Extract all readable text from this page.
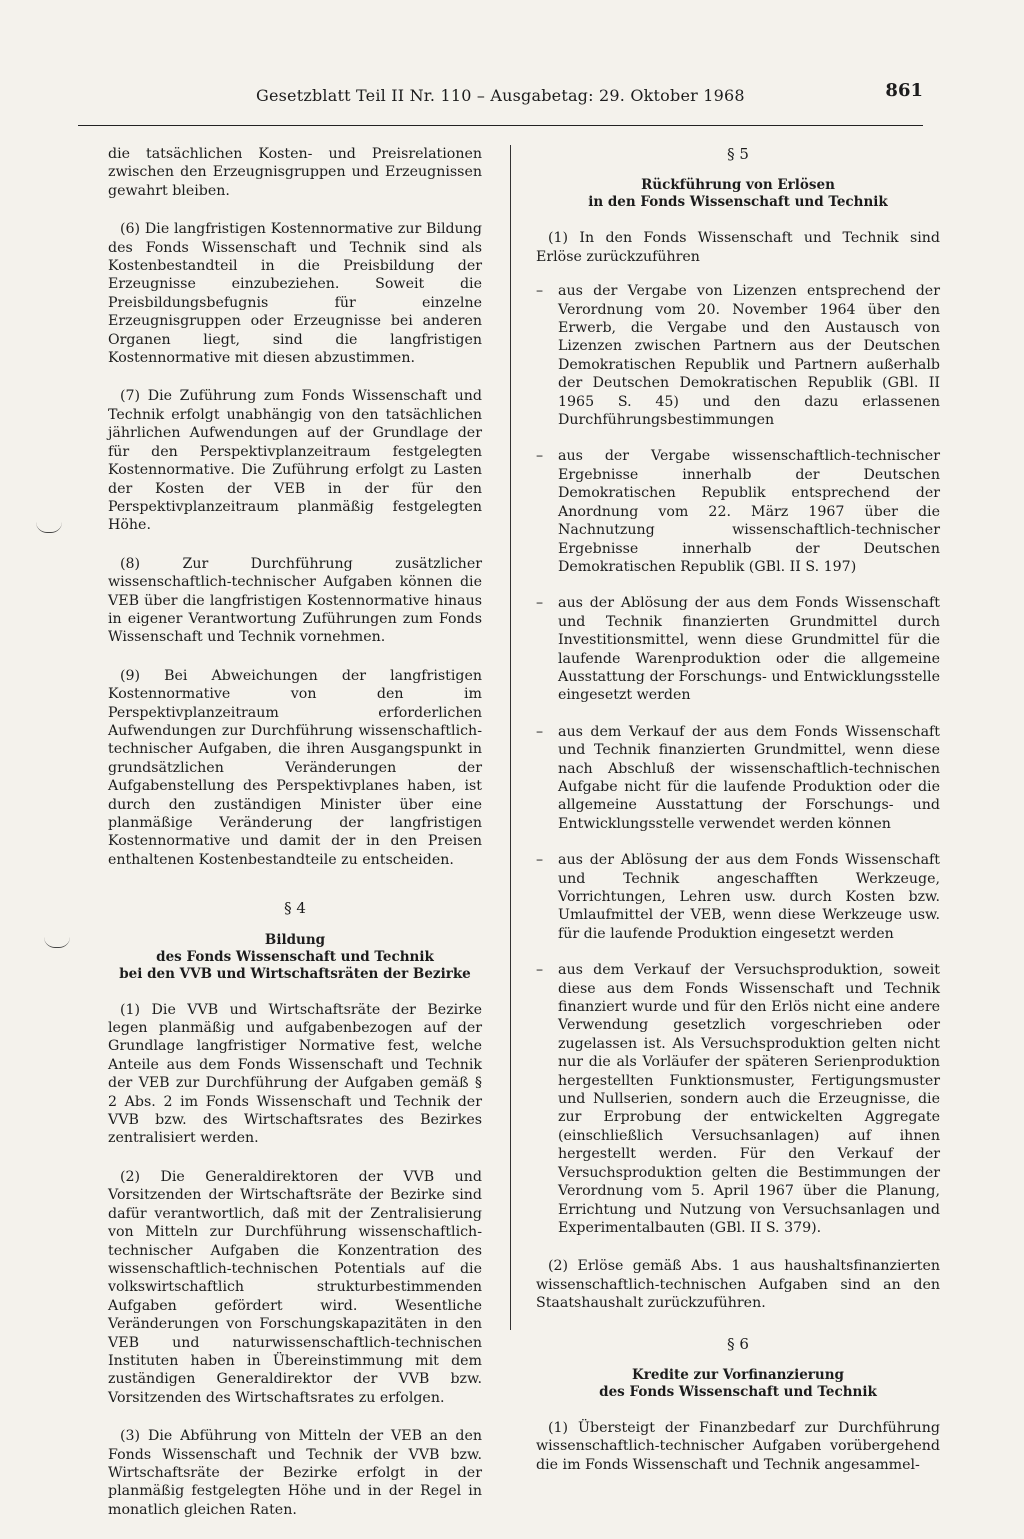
Gesetzblatt Teil II Nr. 110 – Ausgabetag: 29. Oktober 1968	861

die tatsächlichen Kosten- und Preisrelationen zwischen den Erzeugnisgruppen und Erzeugnissen gewahrt bleiben.

(6) Die langfristigen Kostennormative zur Bildung des Fonds Wissenschaft und Technik sind als Kostenbestandteil in die Preisbildung der Erzeugnisse einzubeziehen. Soweit die Preisbildungsbefugnis für einzelne Erzeugnisgruppen oder Erzeugnisse bei anderen Organen liegt, sind die langfristigen Kostennormative mit diesen abzustimmen.

(7) Die Zuführung zum Fonds Wissenschaft und Technik erfolgt unabhängig von den tatsächlichen jährlichen Aufwendungen auf der Grundlage der für den Perspektivplanzeitraum festgelegten Kostennormative. Die Zuführung erfolgt zu Lasten der Kosten der VEB in der für den Perspektivplanzeitraum planmäßig festgelegten Höhe.

(8) Zur Durchführung zusätzlicher wissenschaftlich-technischer Aufgaben können die VEB über die langfristigen Kostennormative hinaus in eigener Verantwortung Zuführungen zum Fonds Wissenschaft und Technik vornehmen.

(9) Bei Abweichungen der langfristigen Kostennormative von den im Perspektivplanzeitraum erforderlichen Aufwendungen zur Durchführung wissenschaftlich-technischer Aufgaben, die ihren Ausgangspunkt in grundsätzlichen Veränderungen der Aufgabenstellung des Perspektivplanes haben, ist durch den zuständigen Minister über eine planmäßige Veränderung der langfristigen Kostennormative und damit der in den Preisen enthaltenen Kostenbestandteile zu entscheiden.

§ 4
Bildung
des Fonds Wissenschaft und Technik
bei den VVB und Wirtschaftsräten der Bezirke

(1) Die VVB und Wirtschaftsräte der Bezirke legen planmäßig und aufgabenbezogen auf der Grundlage langfristiger Normative fest, welche Anteile aus dem Fonds Wissenschaft und Technik der VEB zur Durchführung der Aufgaben gemäß § 2 Abs. 2 im Fonds Wissenschaft und Technik der VVB bzw. des Wirtschaftsrates des Bezirkes zentralisiert werden.

(2) Die Generaldirektoren der VVB und Vorsitzenden der Wirtschaftsräte der Bezirke sind dafür verantwortlich, daß mit der Zentralisierung von Mitteln zur Durchführung wissenschaftlich-technischer Aufgaben die Konzentration des wissenschaftlich-technischen Potentials auf die volkswirtschaftlich strukturbestimmenden Aufgaben gefördert wird. Wesentliche Veränderungen von Forschungskapazitäten in den VEB und naturwissenschaftlich-technischen Instituten haben in Übereinstimmung mit dem zuständigen Generaldirektor der VVB bzw. Vorsitzenden des Wirtschaftsrates zu erfolgen.

(3) Die Abführung von Mitteln der VEB an den Fonds Wissenschaft und Technik der VVB bzw. Wirtschaftsräte der Bezirke erfolgt in der planmäßig festgelegten Höhe und in der Regel in monatlich gleichen Raten.

§ 5
Rückführung von Erlösen
in den Fonds Wissenschaft und Technik

(1) In den Fonds Wissenschaft und Technik sind Erlöse zurückzuführen

– aus der Vergabe von Lizenzen entsprechend der Verordnung vom 20. November 1964 über den Erwerb, die Vergabe und den Austausch von Lizenzen zwischen Partnern aus der Deutschen Demokratischen Republik und Partnern außerhalb der Deutschen Demokratischen Republik (GBl. II 1965 S. 45) und den dazu erlassenen Durchführungsbestimmungen
– aus der Vergabe wissenschaftlich-technischer Ergebnisse innerhalb der Deutschen Demokratischen Republik entsprechend der Anordnung vom 22. März 1967 über die Nachnutzung wissenschaftlich-technischer Ergebnisse innerhalb der Deutschen Demokratischen Republik (GBl. II S. 197)
– aus der Ablösung der aus dem Fonds Wissenschaft und Technik finanzierten Grundmittel durch Investitionsmittel, wenn diese Grundmittel für die laufende Warenproduktion oder die allgemeine Ausstattung der Forschungs- und Entwicklungsstelle eingesetzt werden
– aus dem Verkauf der aus dem Fonds Wissenschaft und Technik finanzierten Grundmittel, wenn diese nach Abschluß der wissenschaftlich-technischen Aufgabe nicht für die laufende Produktion oder die allgemeine Ausstattung der Forschungs- und Entwicklungsstelle verwendet werden können
– aus der Ablösung der aus dem Fonds Wissenschaft und Technik angeschafften Werkzeuge, Vorrichtungen, Lehren usw. durch Kosten bzw. Umlaufmittel der VEB, wenn diese Werkzeuge usw. für die laufende Produktion eingesetzt werden
– aus dem Verkauf der Versuchsproduktion, soweit diese aus dem Fonds Wissenschaft und Technik finanziert wurde und für den Erlös nicht eine andere Verwendung gesetzlich vorgeschrieben oder zugelassen ist. Als Versuchsproduktion gelten nicht nur die als Vorläufer der späteren Serienproduktion hergestellten Funktionsmuster, Fertigungsmuster und Nullserien, sondern auch die Erzeugnisse, die zur Erprobung der entwickelten Aggregate (einschließlich Versuchsanlagen) auf ihnen hergestellt werden. Für den Verkauf der Versuchsproduktion gelten die Bestimmungen der Verordnung vom 5. April 1967 über die Planung, Errichtung und Nutzung von Versuchsanlagen und Experimentalbauten (GBl. II S. 379).

(2) Erlöse gemäß Abs. 1 aus haushaltsfinanzierten wissenschaftlich-technischen Aufgaben sind an den Staatshaushalt zurückzuführen.

§ 6
Kredite zur Vorfinanzierung
des Fonds Wissenschaft und Technik

(1) Übersteigt der Finanzbedarf zur Durchführung wissenschaftlich-technischer Aufgaben vorübergehend die im Fonds Wissenschaft und Technik angesammel-
